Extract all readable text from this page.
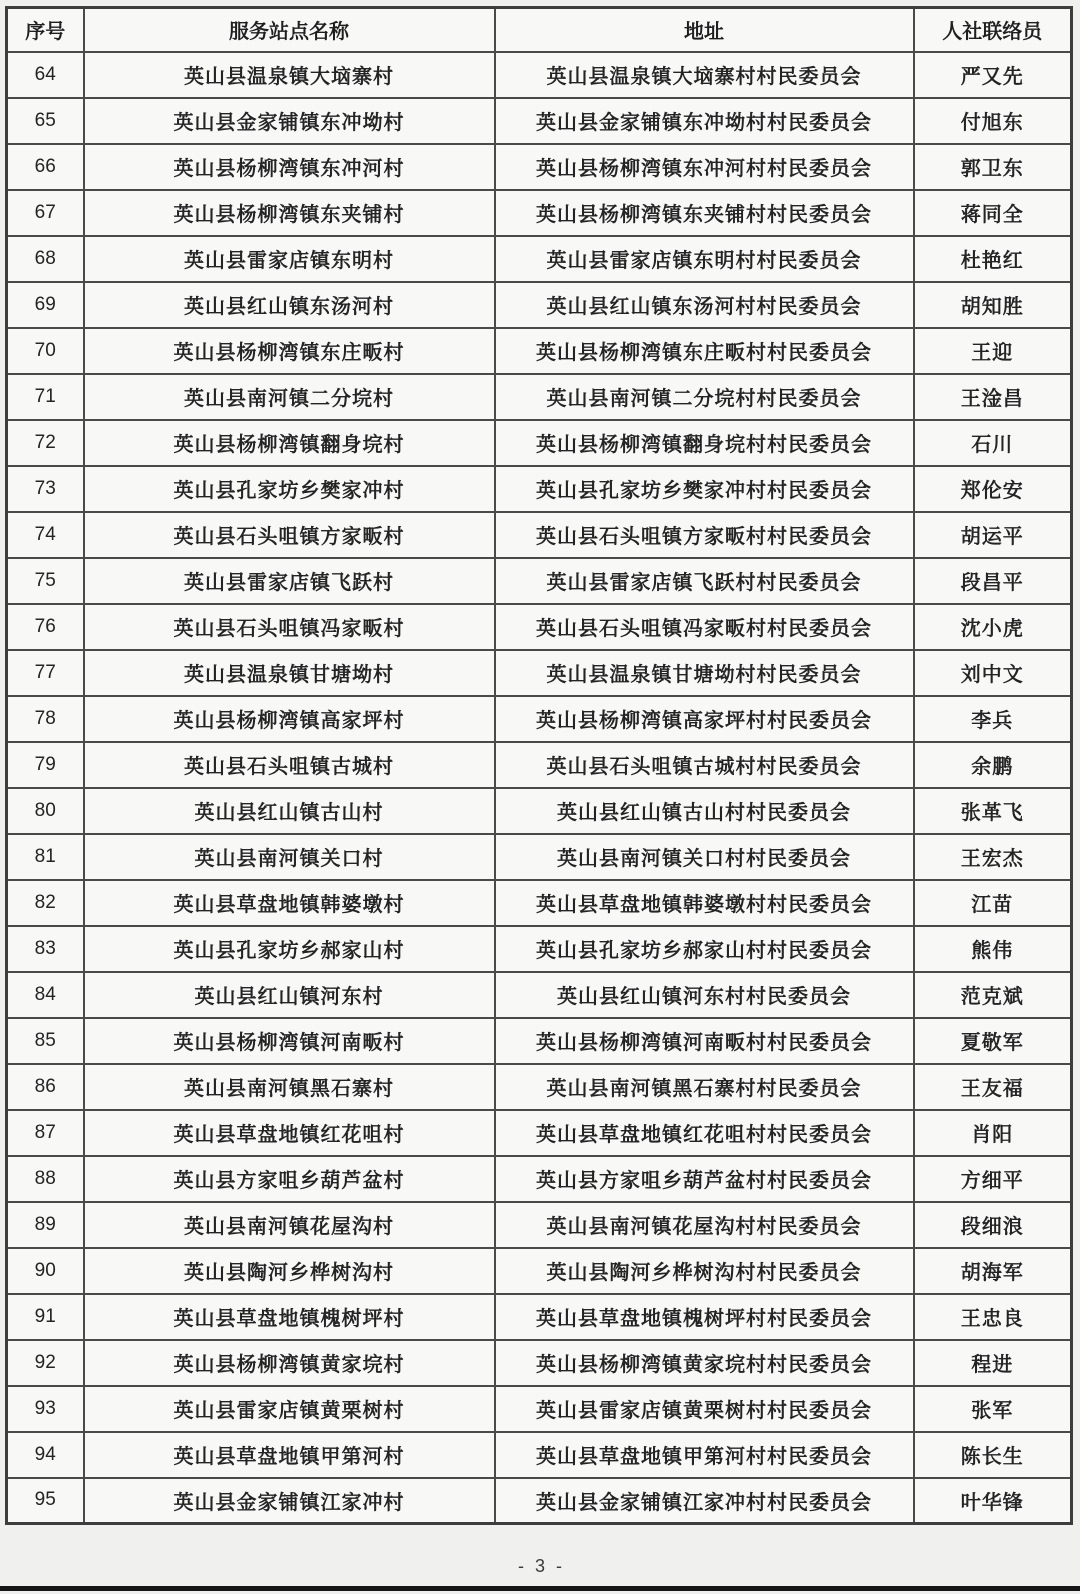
序号	服务站点名称	地址	人社联络员
64	英山县温泉镇大垴寨村	英山县温泉镇大垴寨村村民委员会	严又先
65	英山县金家铺镇东冲坳村	英山县金家铺镇东冲坳村村民委员会	付旭东
66	英山县杨柳湾镇东冲河村	英山县杨柳湾镇东冲河村村民委员会	郭卫东
67	英山县杨柳湾镇东夹铺村	英山县杨柳湾镇东夹铺村村民委员会	蒋同全
68	英山县雷家店镇东明村	英山县雷家店镇东明村村民委员会	杜艳红
69	英山县红山镇东汤河村	英山县红山镇东汤河村村民委员会	胡知胜
70	英山县杨柳湾镇东庄畈村	英山县杨柳湾镇东庄畈村村民委员会	王迎
71	英山县南河镇二分垸村	英山县南河镇二分垸村村民委员会	王淦昌
72	英山县杨柳湾镇翻身垸村	英山县杨柳湾镇翻身垸村村民委员会	石川
73	英山县孔家坊乡樊家冲村	英山县孔家坊乡樊家冲村村民委员会	郑伦安
74	英山县石头咀镇方家畈村	英山县石头咀镇方家畈村村民委员会	胡运平
75	英山县雷家店镇飞跃村	英山县雷家店镇飞跃村村民委员会	段昌平
76	英山县石头咀镇冯家畈村	英山县石头咀镇冯家畈村村民委员会	沈小虎
77	英山县温泉镇甘塘坳村	英山县温泉镇甘塘坳村村民委员会	刘中文
78	英山县杨柳湾镇高家坪村	英山县杨柳湾镇高家坪村村民委员会	李兵
79	英山县石头咀镇古城村	英山县石头咀镇古城村村民委员会	余鹏
80	英山县红山镇古山村	英山县红山镇古山村村民委员会	张革飞
81	英山县南河镇关口村	英山县南河镇关口村村民委员会	王宏杰
82	英山县草盘地镇韩婆墩村	英山县草盘地镇韩婆墩村村民委员会	江苗
83	英山县孔家坊乡郝家山村	英山县孔家坊乡郝家山村村民委员会	熊伟
84	英山县红山镇河东村	英山县红山镇河东村村民委员会	范克斌
85	英山县杨柳湾镇河南畈村	英山县杨柳湾镇河南畈村村民委员会	夏敬军
86	英山县南河镇黑石寨村	英山县南河镇黑石寨村村民委员会	王友福
87	英山县草盘地镇红花咀村	英山县草盘地镇红花咀村村民委员会	肖阳
88	英山县方家咀乡葫芦盆村	英山县方家咀乡葫芦盆村村民委员会	方细平
89	英山县南河镇花屋沟村	英山县南河镇花屋沟村村民委员会	段细浪
90	英山县陶河乡桦树沟村	英山县陶河乡桦树沟村村民委员会	胡海军
91	英山县草盘地镇槐树坪村	英山县草盘地镇槐树坪村村民委员会	王忠良
92	英山县杨柳湾镇黄家垸村	英山县杨柳湾镇黄家垸村村民委员会	程进
93	英山县雷家店镇黄栗树村	英山县雷家店镇黄栗树村村民委员会	张军
94	英山县草盘地镇甲第河村	英山县草盘地镇甲第河村村民委员会	陈长生
95	英山县金家铺镇江家冲村	英山县金家铺镇江家冲村村民委员会	叶华锋
- 3 -
